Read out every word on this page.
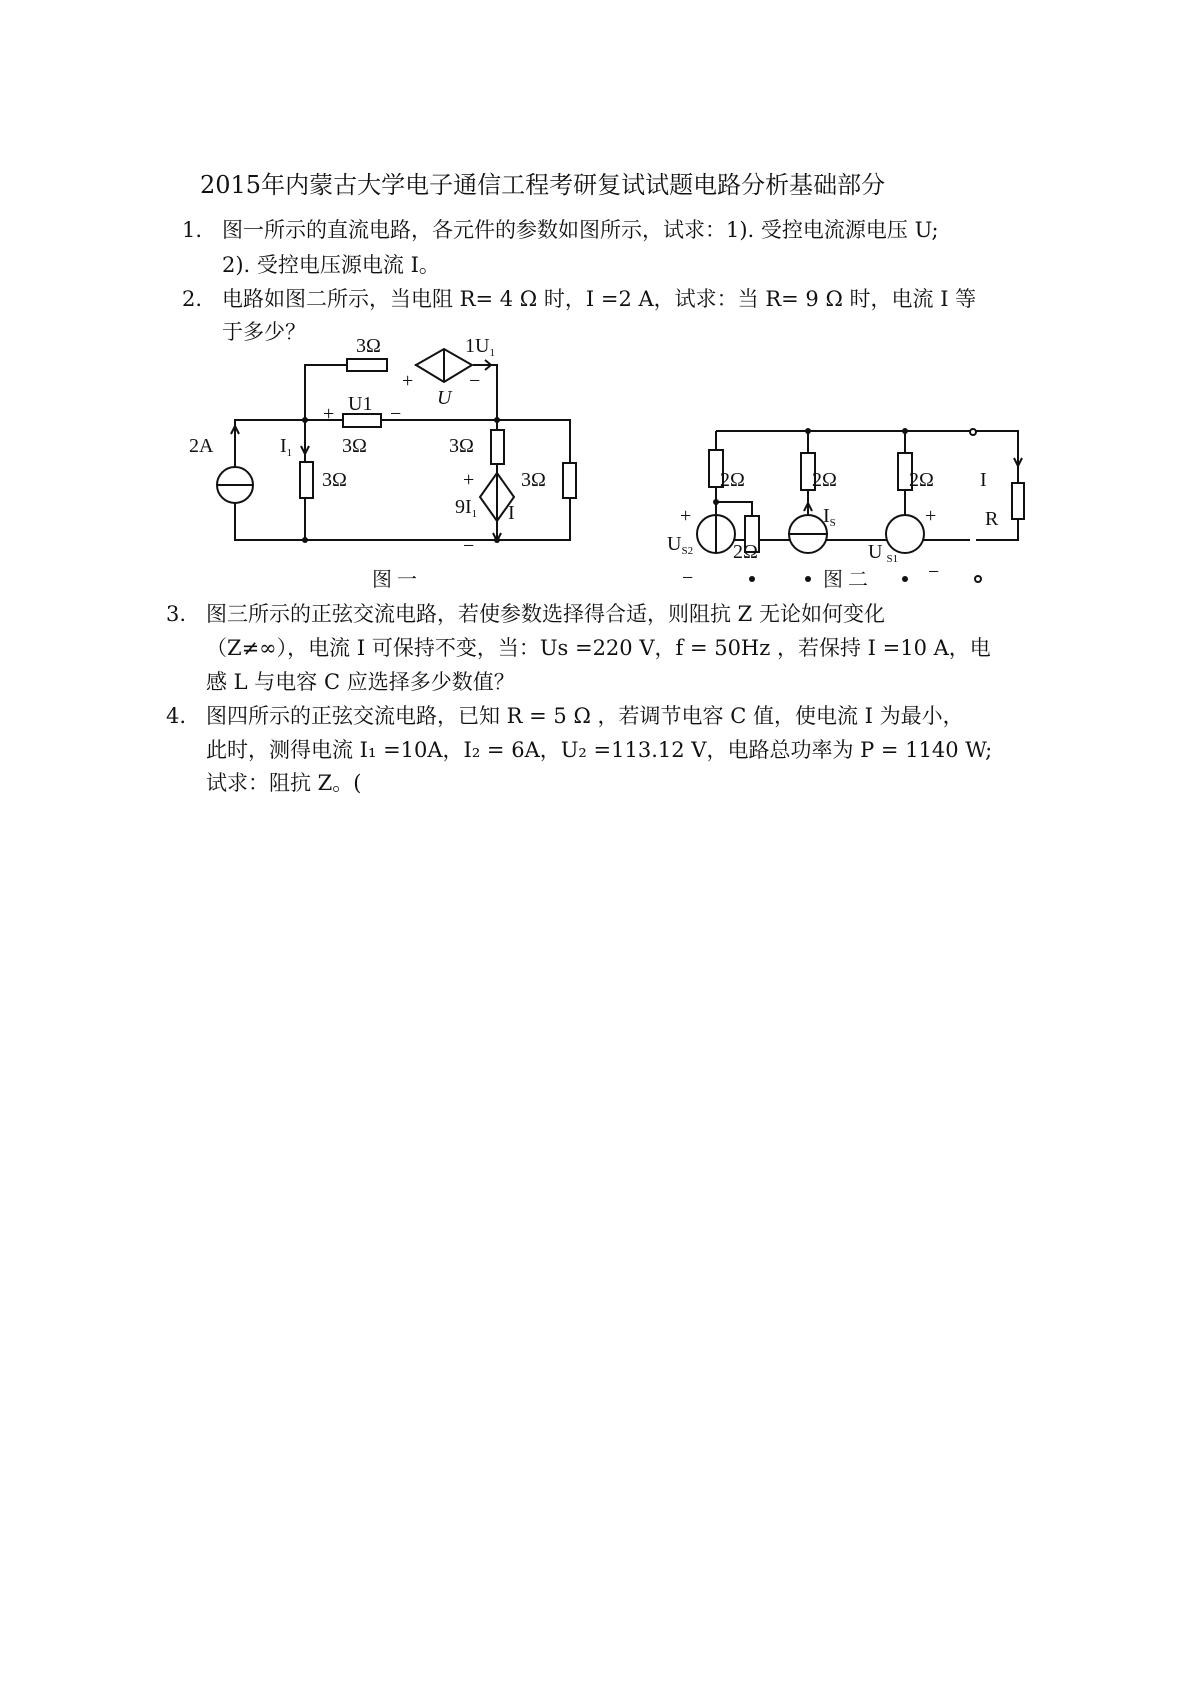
2015年内蒙古大学电子通信工程考研复试试题电路分析基础部分
1. 图一所示的直流电路，各元件的参数如图所示，试求：1). 受控电流源电压 U;
2). 受控电压源电流 I。
2. 电路如图二所示，当电阻 R= 4 Ω 时，I =2 A，试求：当 R= 9 Ω 时，电流 I 等
于多少？
3. 图三所示的正弦交流电路，若使参数选择得合适，则阻抗 Z 无论如何变化
（Z≠∞），电流 I 可保持不变，当：Us =220 V，f = 50Hz ，若保持 I =10 A，电
感 L 与电容 C 应选择多少数值？
4. 图四所示的正弦交流电路，已知 R = 5 Ω ，若调节电容 C 值，使电流 I 为最小，
此时，测得电流 I₁ =10A，I₂ = 6A，U₂ =113.12 V，电路总功率为 P = 1140 W;
试求：阻抗 Z。(
3Ω	$1U_1$
+	−
U
+ U1 −
3Ω
2A	$I_1$
3Ω
3Ω
+ 3Ω
$9I_1$ I
−
图 一
2Ω	2Ω	2Ω I
R
+
$U_{S2}$
−
2Ω
$I_S$
U $_{S1}$
+
−
图 二
